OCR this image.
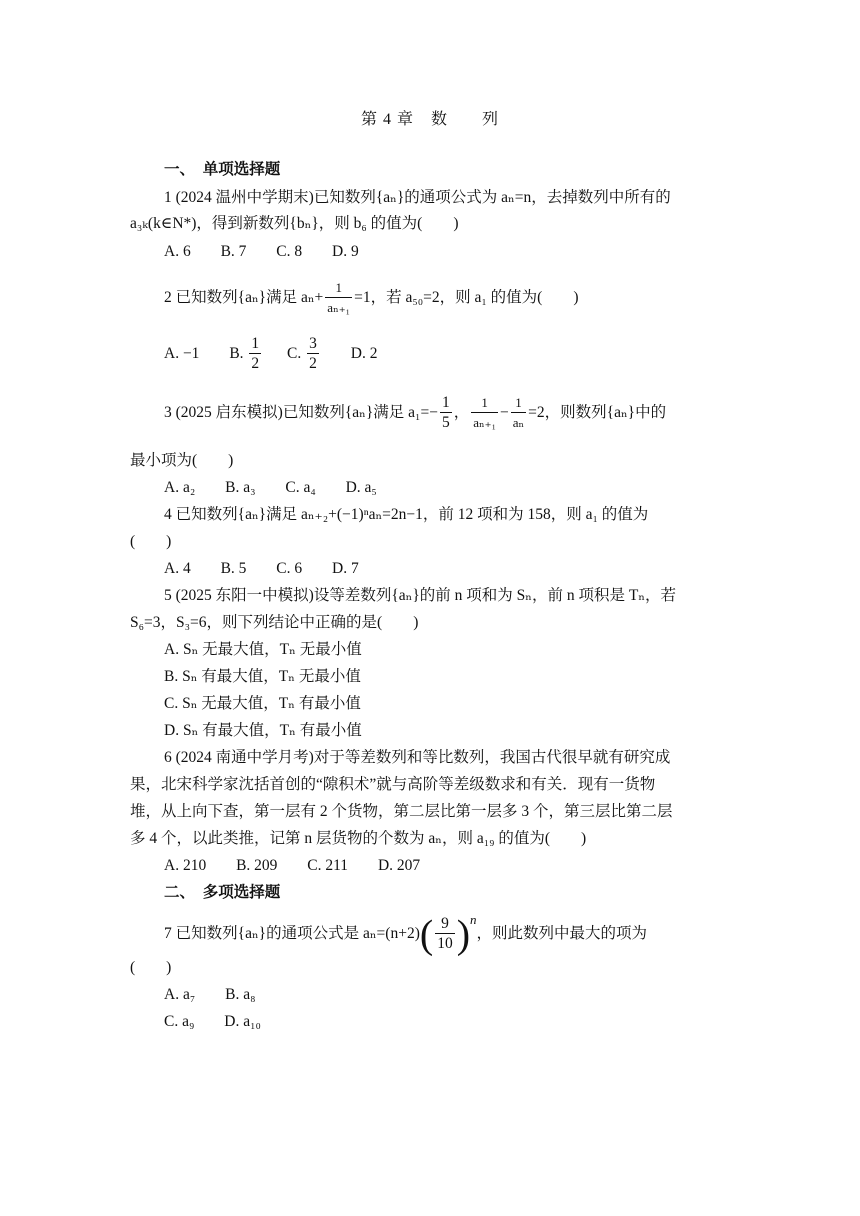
第 4 章　数　　列
一、　单项选择题
1 (2024 温州中学期末)已知数列{aₙ}的通项公式为 aₙ=n，去掉数列中所有的
a₃ₖ(k∈N*)，得到新数列{bₙ}，则 b₆ 的值为(　　)
A. 6 B. 7 C. 8 D. 9
2 已知数列{aₙ}满足 $a_n+ \frac{1}{\text{aₙ₊₁}} =1$，若 a₅₀=2，则 a₁ 的值为(　　)
A. −1 B. $\frac{1}{2} C$. $\frac{3}{2} D$. 2
3 (2025 启东模拟)已知数列{aₙ}满足 $a_1=- \frac{1}{5}$ ， $\frac{1}{\text{aₙ₊₁}} - \frac{1}{\text{aₙ}} =2$，则数列{aₙ}中的
最小项为(　　)
A. a₂ B. a₃ C. a₄ D. a₅
4 已知数列{aₙ}满足 aₙ₊₂+(−1)ⁿaₙ=2n−1，前 12 项和为 158，则 a₁ 的值为
(　　)
A. 4 B. 5 C. 6 D. 7
5 (2025 东阳一中模拟)设等差数列{aₙ}的前 n 项和为 Sₙ，前 n 项积是 Tₙ，若
S₆=3，S₃=6，则下列结论中正确的是(　　)
A. Sₙ 无最大值，Tₙ 无最小值
B. Sₙ 有最大值，Tₙ 无最小值
C. Sₙ 无最大值，Tₙ 有最小值
D. Sₙ 有最大值，Tₙ 有最小值
6 (2024 南通中学月考)对于等差数列和等比数列，我国古代很早就有研究成
果，北宋科学家沈括首创的“隙积术”就与高阶等差级数求和有关．现有一货物
堆，从上向下查，第一层有 2 个货物，第二层比第一层多 3 个，第三层比第二层
多 4 个，以此类推，记第 n 层货物的个数为 aₙ，则 a₁₉ 的值为(　　)
A. 210 B. 209 C. 211 D. 207
二、　多项选择题
7 已知数列{aₙ}的通项公式是 $a_n=(n+2)( \frac{9}{10} )^n$，则此数列中最大的项为
(　　)
A. a₇ B. a₈
C. a₉ D. a₁₀
